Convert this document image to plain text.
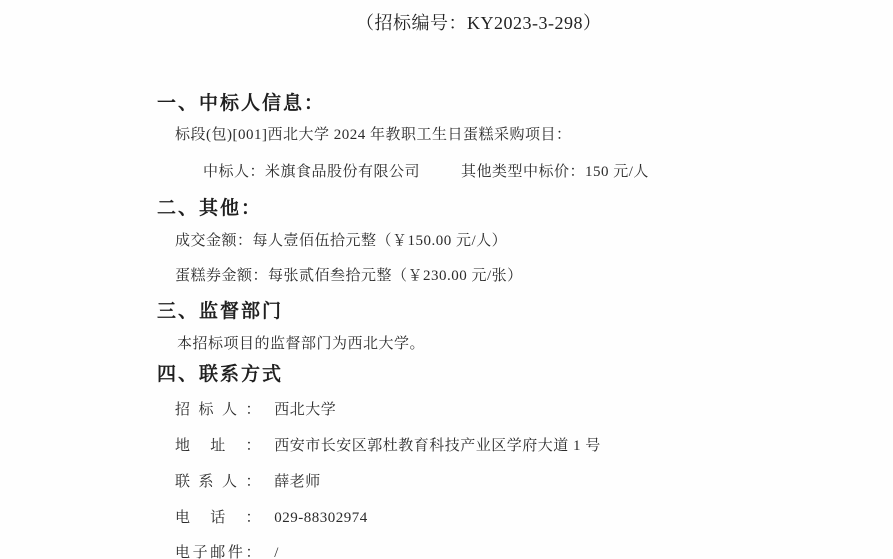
（招标编号：KY2023-3-298）
一、中标人信息：
标段(包)[001]西北大学 2024 年教职工生日蛋糕采购项目：
中标人：米旗食品股份有限公司	其他类型中标价：150 元/人
二、其他：
成交金额：每人壹佰伍拾元整（￥150.00 元/人）
蛋糕券金额：每张贰佰叁拾元整（￥230.00 元/张）
三、监督部门
本招标项目的监督部门为西北大学。
四、联系方式
招标人： 西北大学
地址： 西安市长安区郭杜教育科技产业区学府大道 1 号
联系人： 薛老师
电话： 029-88302974
电子邮件： /
